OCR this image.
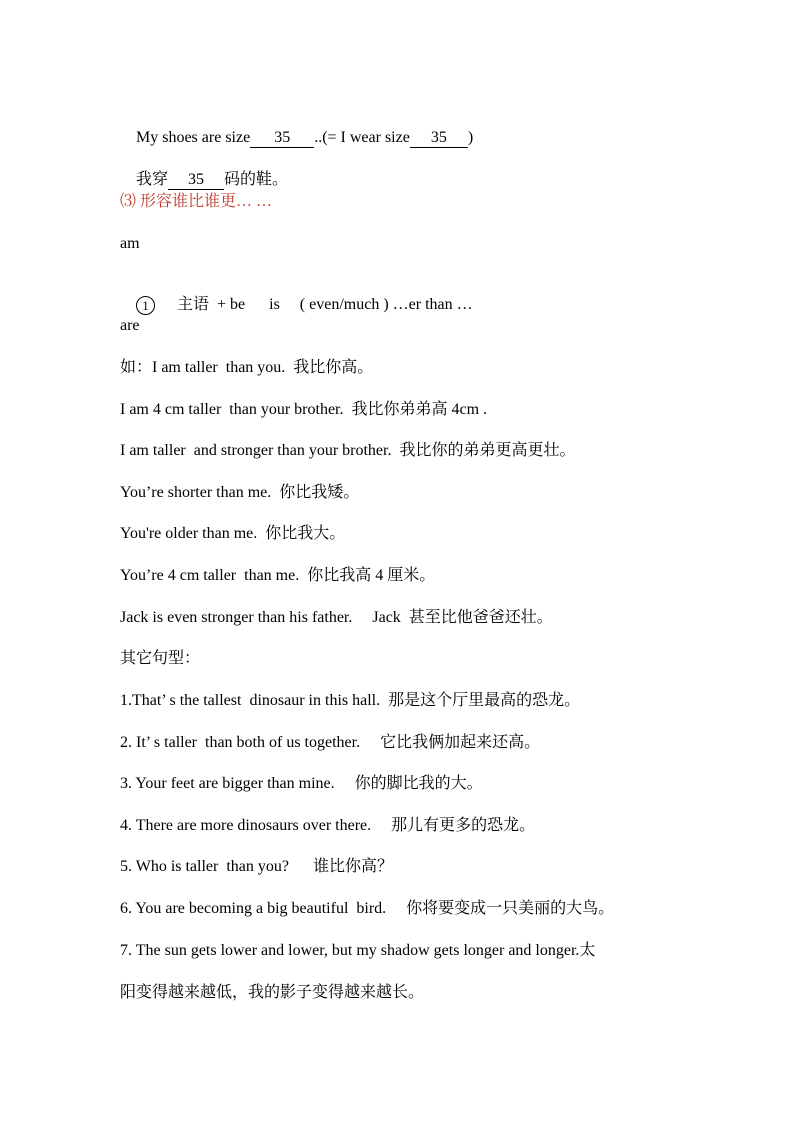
My shoes are size 35 ..(= I wear size 35 )

我穿 35 码的鞋。

⑶ 形容谁比谁更… …
am

1 主语  + be      is     ( even/much ) …er than …

are
如：I am taller  than you.  我比你高。
I am 4 cm taller  than your brother.  我比你弟弟高 4cm .
I am taller  and stronger than your brother.  我比你的弟弟更高更壮。
You’re shorter than me.  你比我矮。
You're older than me.  你比我大。
You’re 4 cm taller  than me.  你比我高 4 厘米。
Jack is even stronger than his father.     Jack  甚至比他爸爸还壮。
其它句型：
1.That’ s the tallest  dinosaur in this hall.  那是这个厅里最高的恐龙。
2. It’ s taller  than both of us together.     它比我俩加起来还高。
3. Your feet are bigger than mine.     你的脚比我的大。
4. There are more dinosaurs over there.     那儿有更多的恐龙。
5. Who is taller  than you?      谁比你高？
6. You are becoming a big beautiful  bird.     你将要变成一只美丽的大鸟。
7. The sun gets lower and lower, but my shadow gets longer and longer.太
阳变得越来越低，我的影子变得越来越长。
